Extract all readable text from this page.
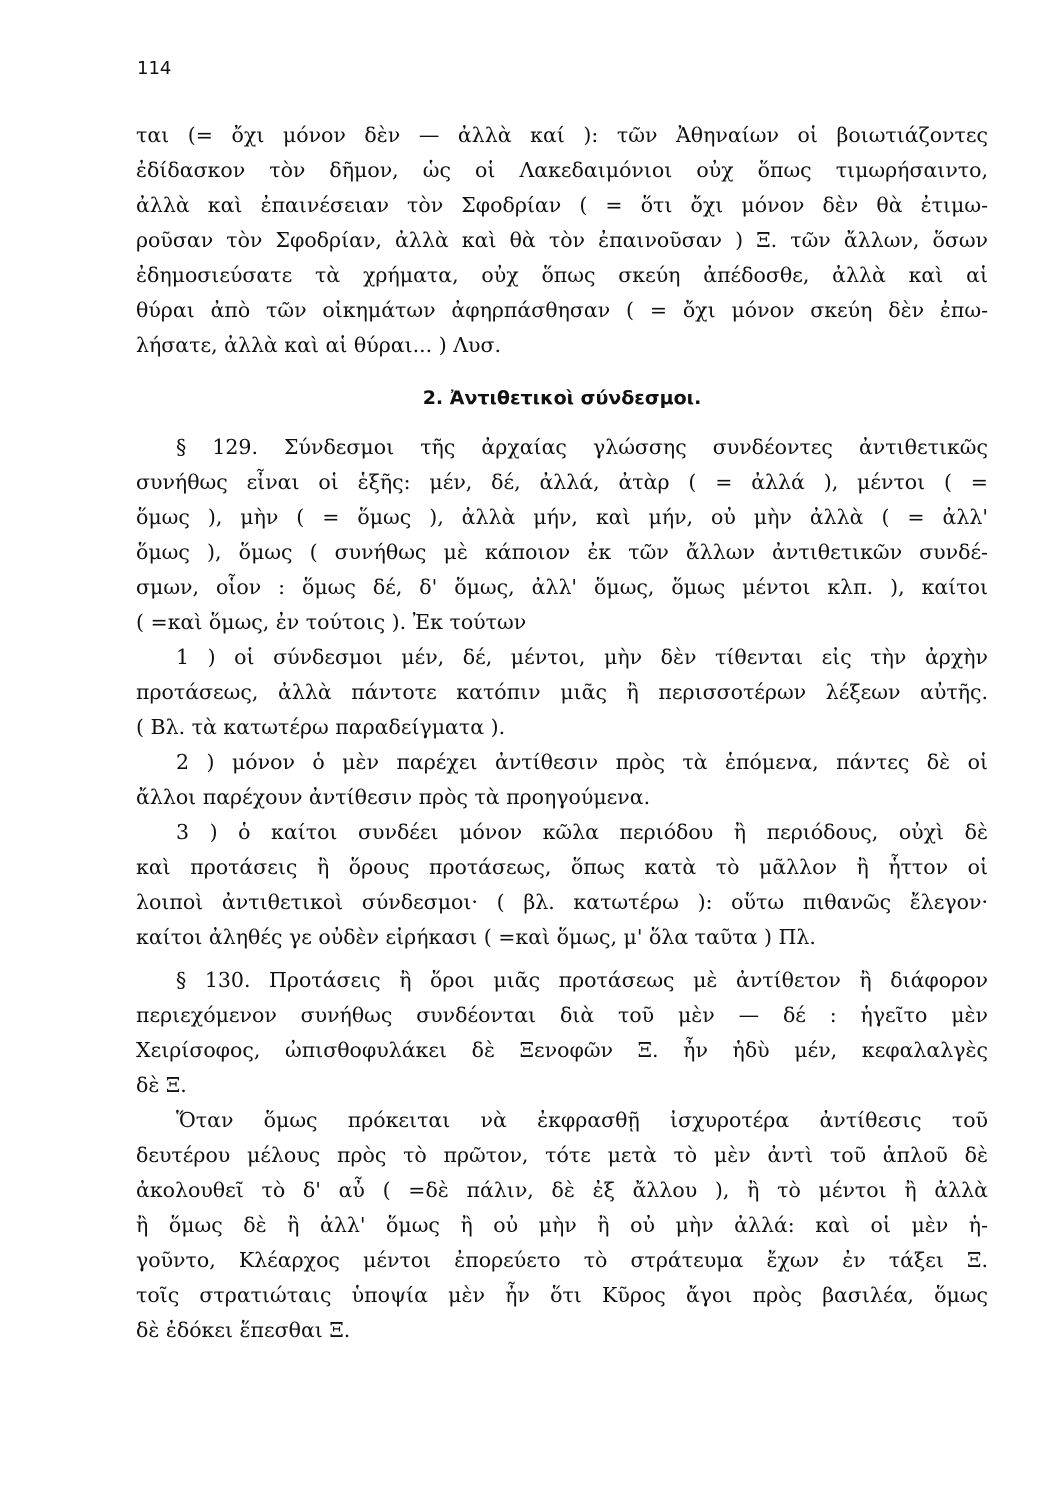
114
ται (= ὄχι μόνον δὲν — ἀλλὰ καί ): τῶν Ἀθηναίων οἱ βοιωτιάζοντες
ἐδίδασκον τὸν δῆμον, ὡς οἱ Λακεδαιμόνιοι οὐχ ὅπως τιμωρήσαιντο,
ἀλλὰ καὶ ἐπαινέσειαν τὸν Σφοδρίαν ( = ὅτι ὄχι μόνον δὲν θὰ ἐτιμω-
ροῦσαν τὸν Σφοδρίαν, ἀλλὰ καὶ θὰ τὸν ἐπαινοῦσαν ) Ξ. τῶν ἄλλων, ὅσων
ἐδημοσιεύσατε τὰ χρήματα, οὐχ ὅπως σκεύη ἀπέδοσθε, ἀλλὰ καὶ αἱ
θύραι ἀπὸ τῶν οἰκημάτων ἀφηρπάσθησαν ( = ὄχι μόνον σκεύη δὲν ἐπω-
λήσατε, ἀλλὰ καὶ αἱ θύραι... ) Λυσ.
2. Ἀντιθετικοὶ σύνδεσμοι.
§ 129. Σύνδεσμοι τῆς ἀρχαίας γλώσσης συνδέοντες ἀντιθετικῶς
συνήθως εἶναι οἱ ἑξῆς: μέν, δέ, ἀλλά, ἀτὰρ ( = ἀλλά ), μέντοι ( =
ὅμως ), μὴν ( = ὅμως ), ἀλλὰ μήν, καὶ μήν, οὐ μὴν ἀλλὰ ( = ἀλλ'
ὅμως ), ὅμως ( συνήθως μὲ κάποιον ἐκ τῶν ἄλλων ἀντιθετικῶν συνδέ-
σμων, οἷον : ὅμως δέ, δ' ὅμως, ἀλλ' ὅμως, ὅμως μέντοι κλπ. ), καίτοι
( =καὶ ὅμως, ἐν τούτοις ). Ἐκ τούτων
1 ) οἱ σύνδεσμοι μέν, δέ, μέντοι, μὴν δὲν τίθενται εἰς τὴν ἀρχὴν
προτάσεως, ἀλλὰ πάντοτε κατόπιν μιᾶς ἢ περισσοτέρων λέξεων αὐτῆς.
( Βλ. τὰ κατωτέρω παραδείγματα ).
2 ) μόνον ὁ μὲν παρέχει ἀντίθεσιν πρὸς τὰ ἑπόμενα, πάντες δὲ οἱ
ἄλλοι παρέχουν ἀντίθεσιν πρὸς τὰ προηγούμενα.
3 ) ὁ καίτοι συνδέει μόνον κῶλα περιόδου ἢ περιόδους, οὐχὶ δὲ
καὶ προτάσεις ἢ ὅρους προτάσεως, ὅπως κατὰ τὸ μᾶλλον ἢ ἧττον οἱ
λοιποὶ ἀντιθετικοὶ σύνδεσμοι· ( βλ. κατωτέρω ): οὕτω πιθανῶς ἔλεγον·
καίτοι ἀληθές γε οὐδὲν εἰρήκασι ( =καὶ ὅμως, μ' ὅλα ταῦτα ) Πλ.
§ 130. Προτάσεις ἢ ὅροι μιᾶς προτάσεως μὲ ἀντίθετον ἢ διάφορον
περιεχόμενον συνήθως συνδέονται διὰ τοῦ μὲν — δέ : ἡγεῖτο μὲν
Χειρίσοφος, ὠπισθοφυλάκει δὲ Ξενοφῶν Ξ. ἦν ἡδὺ μέν, κεφαλαλγὲς
δὲ Ξ.
Ὅταν ὅμως πρόκειται νὰ ἐκφρασθῇ ἰσχυροτέρα ἀντίθεσις τοῦ
δευτέρου μέλους πρὸς τὸ πρῶτον, τότε μετὰ τὸ μὲν ἀντὶ τοῦ ἁπλοῦ δὲ
ἀκολουθεῖ τὸ δ' αὖ ( =δὲ πάλιν, δὲ ἐξ ἄλλου ), ἢ τὸ μέντοι ἢ ἀλλὰ
ἢ ὅμως δὲ ἢ ἀλλ' ὅμως ἢ οὐ μὴν ἢ οὐ μὴν ἀλλά: καὶ οἱ μὲν ἡ-
γοῦντο, Κλέαρχος μέντοι ἐπορεύετο τὸ στράτευμα ἔχων ἐν τάξει Ξ.
τοῖς στρατιώταις ὑποψία μὲν ἦν ὅτι Κῦρος ἄγοι πρὸς βασιλέα, ὅμως
δὲ ἐδόκει ἕπεσθαι Ξ.
